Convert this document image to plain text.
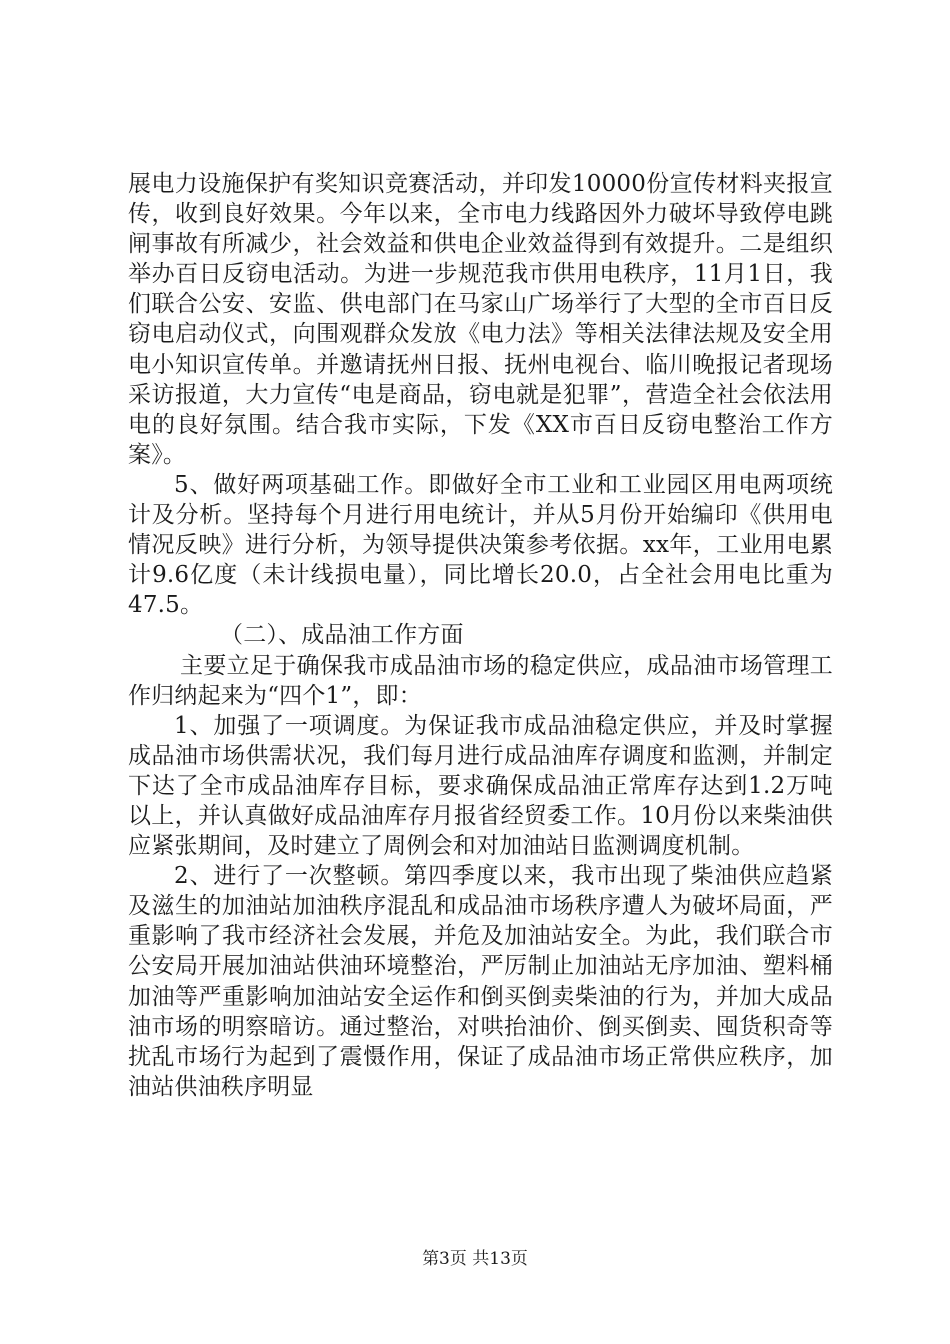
展电力设施保护有奖知识竞赛活动，并印发10000份宣传材料夹报宣传，收到良好效果。今年以来，全市电力线路因外力破坏导致停电跳闸事故有所减少，社会效益和供电企业效益得到有效提升。二是组织举办百日反窃电活动。为进一步规范我市供用电秩序，11月1日，我们联合公安、安监、供电部门在马家山广场举行了大型的全市百日反窃电启动仪式，向围观群众发放《电力法》等相关法律法规及安全用电小知识宣传单。并邀请抚州日报、抚州电视台、临川晚报记者现场采访报道，大力宣传“电是商品，窃电就是犯罪”，营造全社会依法用电的良好氛围。结合我市实际，下发《XX市百日反窃电整治工作方案》。

5、做好两项基础工作。即做好全市工业和工业园区用电两项统计及分析。坚持每个月进行用电统计，并从5月份开始编印《供用电情况反映》进行分析，为领导提供决策参考依据。xx年，工业用电累计9.6亿度（未计线损电量），同比增长20.0，占全社会用电比重为47.5。

（二）、成品油工作方面

主要立足于确保我市成品油市场的稳定供应，成品油市场管理工作归纳起来为“四个1”，即：

1、加强了一项调度。为保证我市成品油稳定供应，并及时掌握成品油市场供需状况，我们每月进行成品油库存调度和监测，并制定下达了全市成品油库存目标，要求确保成品油正常库存达到1.2万吨以上，并认真做好成品油库存月报省经贸委工作。10月份以来柴油供应紧张期间，及时建立了周例会和对加油站日监测调度机制。

2、进行了一次整顿。第四季度以来，我市出现了柴油供应趋紧及滋生的加油站加油秩序混乱和成品油市场秩序遭人为破坏局面，严重影响了我市经济社会发展，并危及加油站安全。为此，我们联合市公安局开展加油站供油环境整治，严厉制止加油站无序加油、塑料桶加油等严重影响加油站安全运作和倒买倒卖柴油的行为，并加大成品油市场的明察暗访。通过整治，对哄抬油价、倒买倒卖、囤货积奇等扰乱市场行为起到了震慑作用，保证了成品油市场正常供应秩序，加油站供油秩序明显

第3页 共13页
